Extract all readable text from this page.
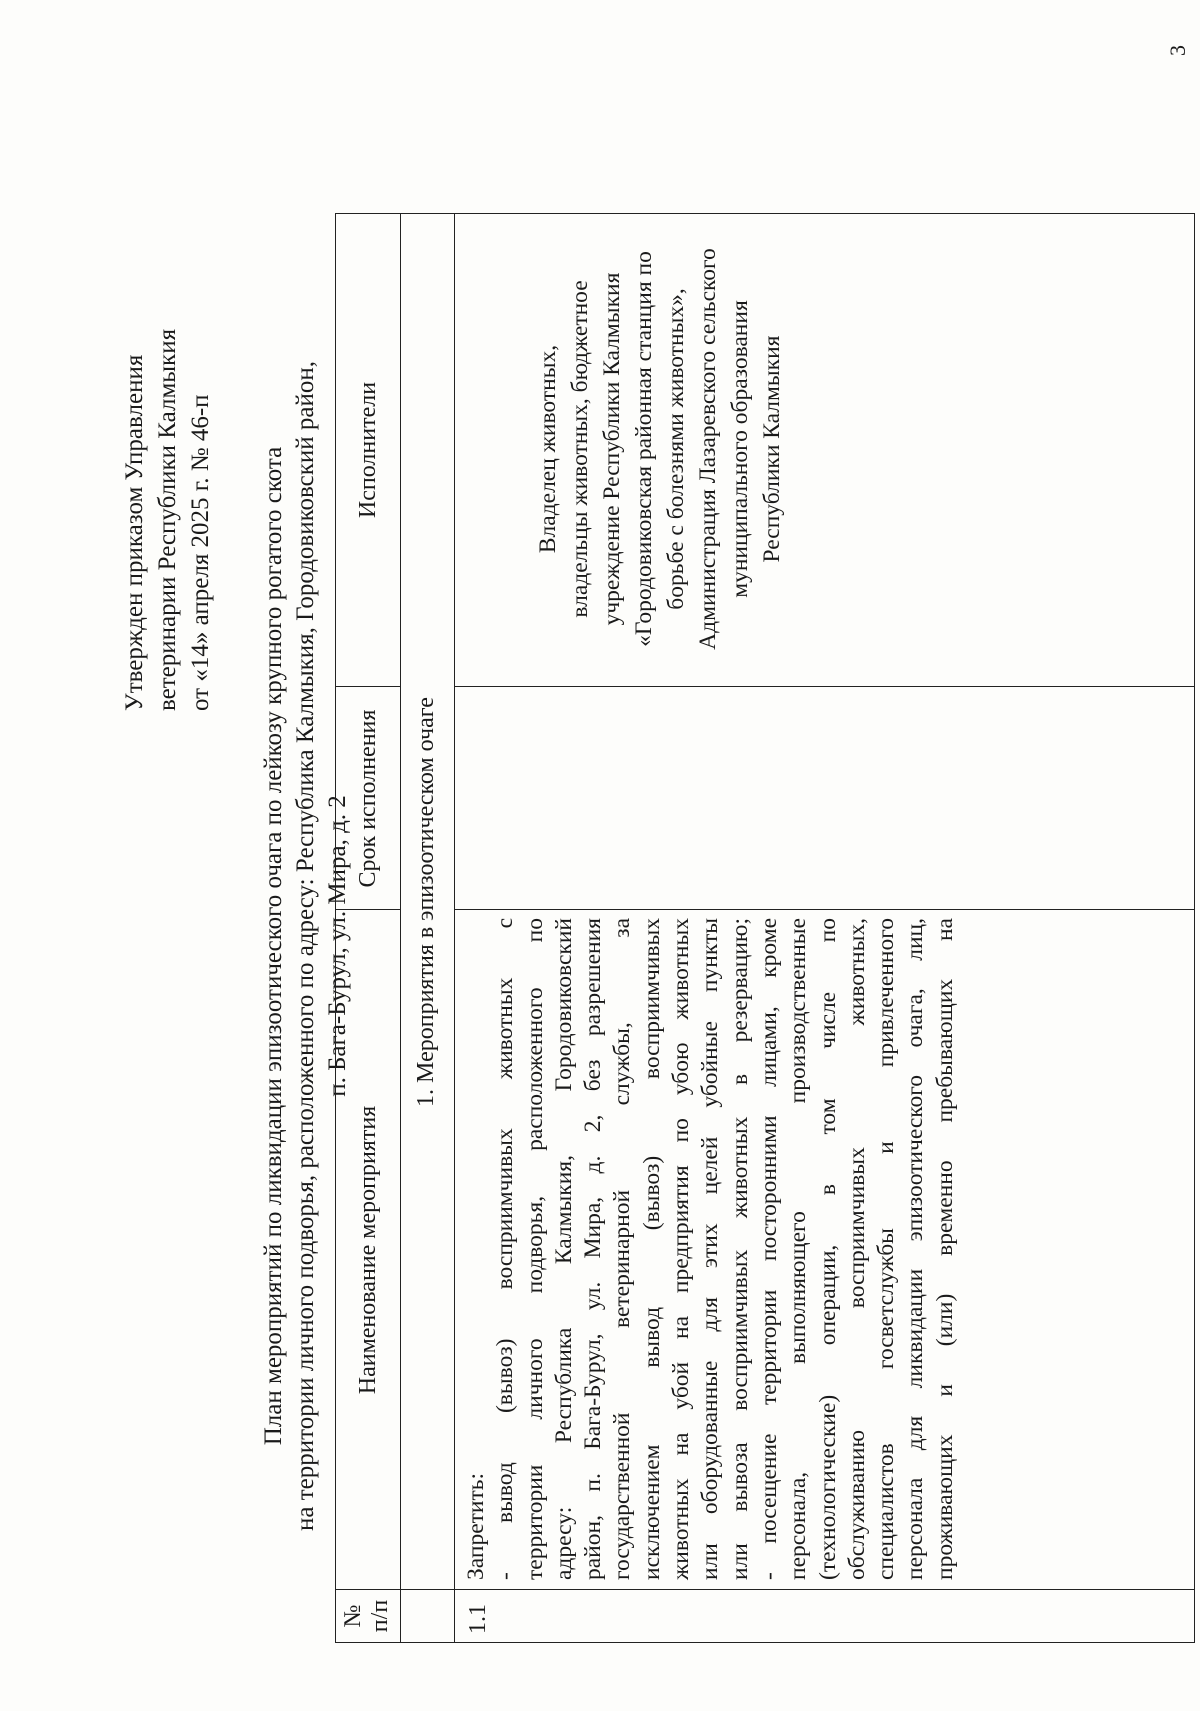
Утвержден приказом Управления ветеринарии Республики Калмыкия от «14» апреля 2025 г. № 46-п План мероприятий по ликвидации эпизоотического очага по лейкозу крупного рогатого скота на территории личного подворья, расположенного по адресу: Республика Калмыкия, Городовиковский район, п. Бага-Бурул, ул. Мира, д. 2
№ п/п
Наименование мероприятия
Срок исполнения
Исполнители
1. Мероприятия в эпизоотическом очаге
1.1
Запретить: - вывод (вывоз) восприимчивых животных с территории личного подворья, расположенного по адресу: Республика Калмыкия, Городовиковский район, п. Бага-Бурул, ул. Мира, д. 2, без разрешения государственной ветеринарной службы, за исключением вывод (вывоз) восприимчивых животных на убой на предприятия по убою животных или оборудованные для этих целей убойные пункты или вывоза восприимчивых животных в резервацию; - посещение территории посторонними лицами, кроме персонала, выполняющего производственные (технологические) операции, в том числе по обслуживанию восприимчивых животных, специалистов госветслужбы и привлеченного персонала для ликвидации эпизоотического очага, лиц, проживающих и (или) временно пребывающих на
Владелец животных, владельцы животных, бюджетное учреждение Республики Калмыкия «Городовиковская районная станция по борьбе с болезнями животных», Администрация Лазаревского сельского муниципального образования Республики Калмыкия
3
